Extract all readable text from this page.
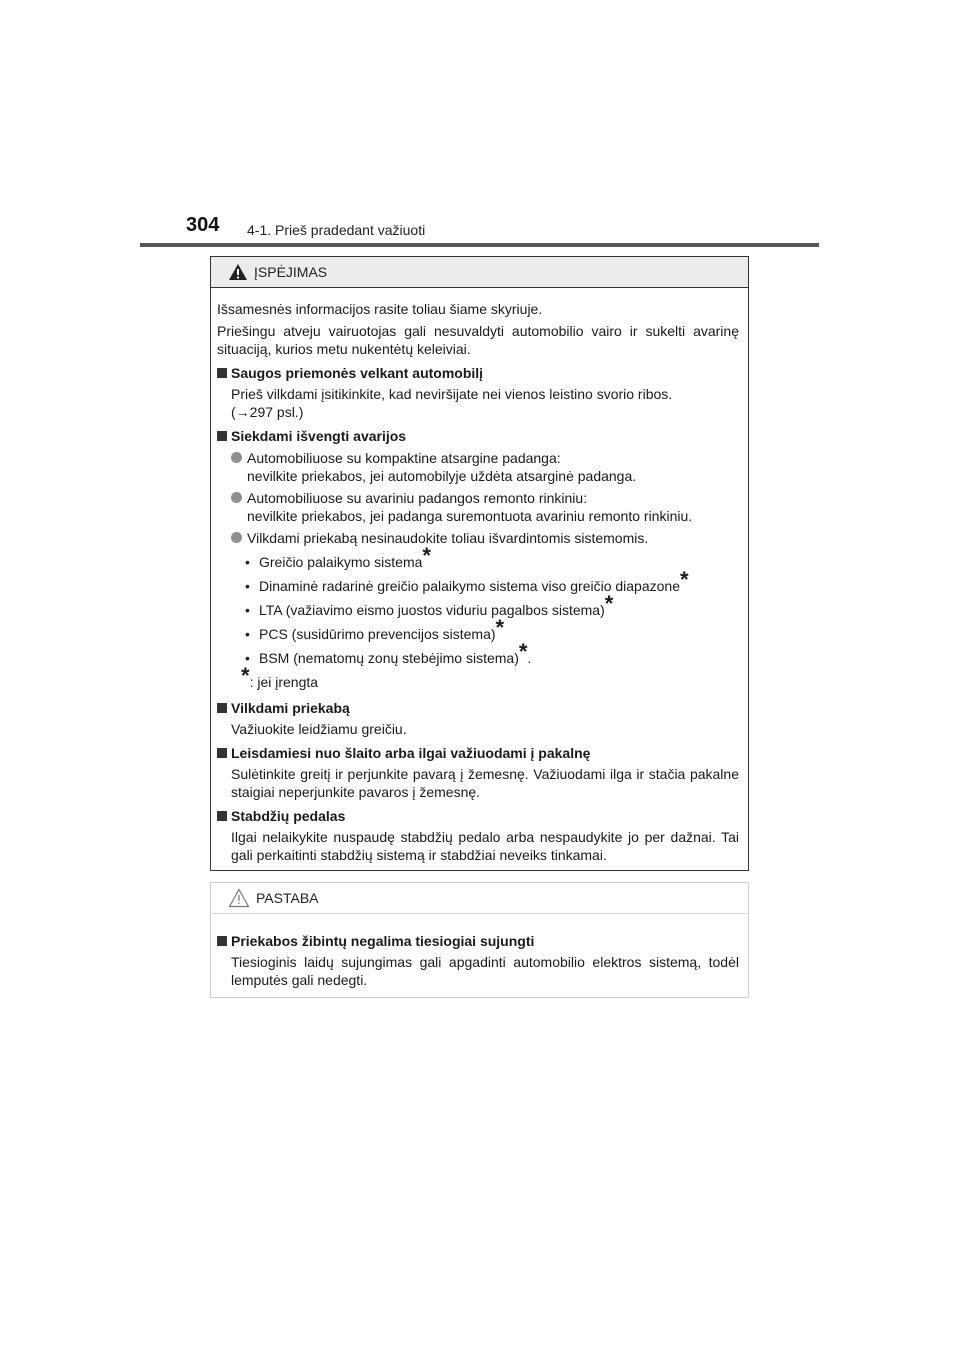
304 4-1. Prieš pradedant važiuoti
ĮSPĖJIMAS

Išsamesnės informacijos rasite toliau šiame skyriuje.

Priešingu atveju vairuotojas gali nesuvaldyti automobilio vairo ir sukelti avarinę situaciją, kurios metu nukentėtų keleiviai.

Saugos priemonės velkant automobilį

Prieš vilkdami įsitikinkite, kad neviršijate nei vienos leistino svorio ribos.
(→297 psl.)

Siekdami išvengti avarijos
Automobiliuose su kompaktine atsargine padanga:
nevilkite priekabos, jei automobilyje uždėta atsarginė padanga.
Automobiliuose su avariniu padangos remonto rinkiniu:
nevilkite priekabos, jei padanga suremontuota avariniu remonto rinkiniu.
Vilkdami priekabą nesinaudokite toliau išvardintomis sistemomis.
• Greičio palaikymo sistema*
• Dinaminė radarinė greičio palaikymo sistema viso greičio diapazone*
• LTA (važiavimo eismo juostos viduriu pagalbos sistema)*
• PCS (susidūrimo prevencijos sistema)*
• BSM (nematomų zonų stebėjimo sistema)*.
*: jei įrengta
Vilkdami priekabą

Važiuokite leidžiamu greičiu.

Leisdamiesi nuo šlaito arba ilgai važiuodami į pakalnę

Sulėtinkite greitį ir perjunkite pavarą į žemesnę. Važiuodami ilga ir stačia pakalne staigiai neperjunkite pavaros į žemesnę.

Stabdžių pedalas

Ilgai nelaikykite nuspaudę stabdžių pedalo arba nespaudykite jo per dažnai. Tai gali perkaitinti stabdžių sistemą ir stabdžiai neveiks tinkamai.

PASTABA
Priekabos žibintų negalima tiesiogiai sujungti

Tiesioginis laidų sujungimas gali apgadinti automobilio elektros sistemą, todėl lemputės gali nedegti.
